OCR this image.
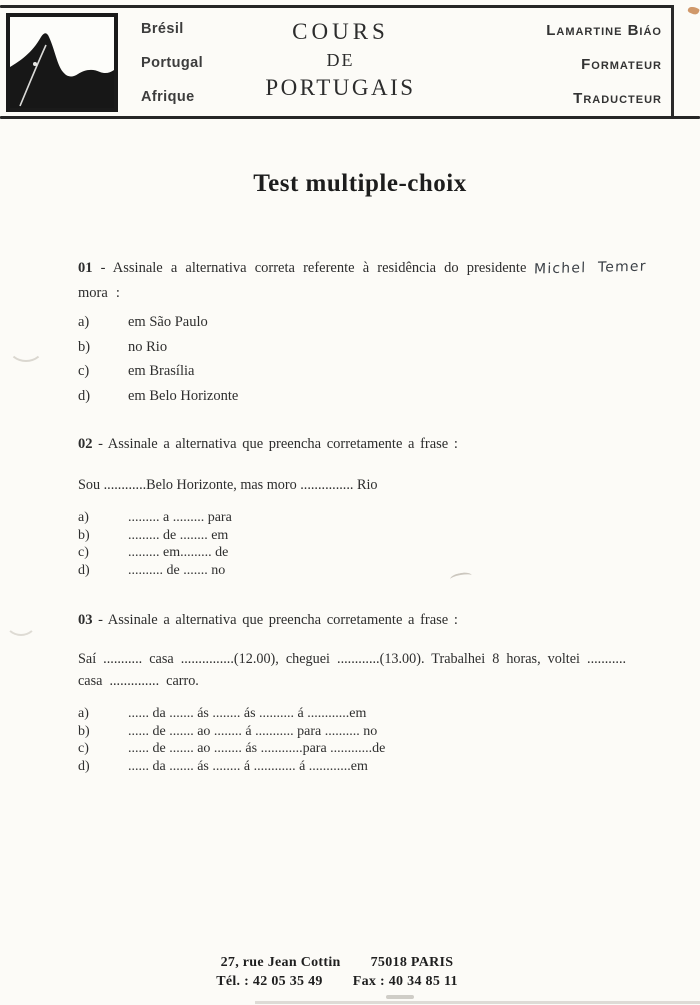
Brésil
Portugal
Afrique
COURS
DE
PORTUGAIS
Lamartine Biáo
Formateur
Traducteur
Test multiple-choix
01 - Assinale a alternativa correta referente à residência do presidente Michel Temer
mora :
a)	em São Paulo
b)	no Rio
c)	em Brasília
d)	em Belo Horizonte
02 - Assinale a alternativa que preencha corretamente a frase :
Sou ............Belo Horizonte, mas moro ............... Rio
a)	......... a ......... para
b)	......... de ........ em
c)	......... em......... de
d)	.......... de ....... no
03 - Assinale a alternativa que preencha corretamente a frase :
Saí ........... casa ...............(12.00), cheguei ............(13.00). Trabalhei 8 horas, voltei ...........
casa .............. carro.
a)	...... da ....... ás ........ ás .......... á ............em
b)	...... de ....... ao ........ á ........... para .......... no
c)	...... de ....... ao ........ ás ............para ............de
d)	...... da ....... ás ........ á ............ á ............em
27, rue Jean Cottin 75018 PARIS
Tél. : 42 05 35 49 Fax : 40 34 85 11
